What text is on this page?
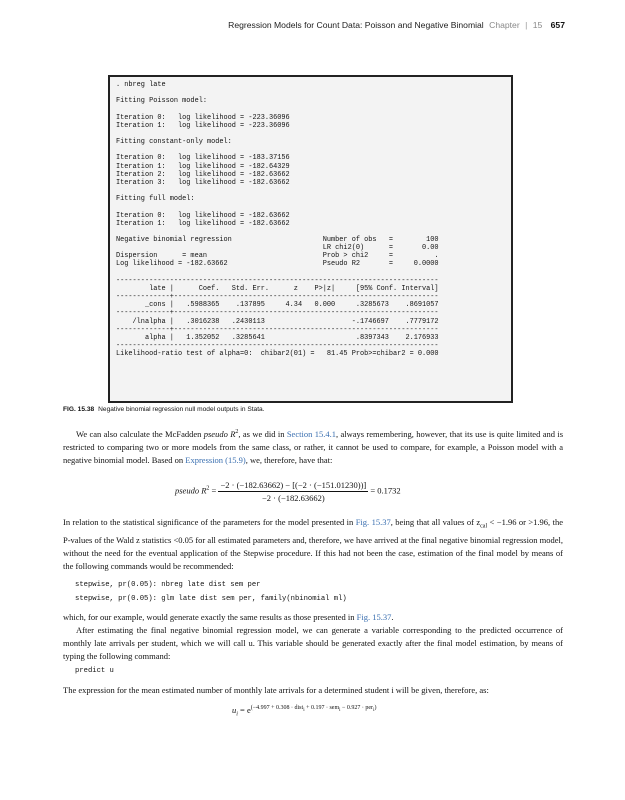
Regression Models for Count Data: Poisson and Negative Binomial Chapter | 15 657
. nbreg late

Fitting Poisson model:

Iteration 0:   log likelihood = -223.36096
Iteration 1:   log likelihood = -223.36096

Fitting constant-only model:

Iteration 0:   log likelihood = -183.37156
Iteration 1:   log likelihood = -182.64329
Iteration 2:   log likelihood = -182.63662
Iteration 3:   log likelihood = -182.63662

Fitting full model:

Iteration 0:   log likelihood = -182.63662
Iteration 1:   log likelihood = -182.63662

Negative binomial regression                      Number of obs   =        100
LR chi2(0)      =       0.00
Dispersion      = mean                            Prob > chi2     =          .
Log likelihood = -182.63662                       Pseudo R2       =     0.0000

------------------------------------------------------------------------------
late |      Coef.   Std. Err.      z    P>|z|     [95% Conf. Interval]
-------------+----------------------------------------------------------------
_cons |   .5988365    .137895     4.34   0.000     .3285673    .8691057
-------------+----------------------------------------------------------------
/lnalpha |   .3016238   .2430113                     -.1746697    .7779172
-------------+----------------------------------------------------------------
alpha |   1.352052   .3285641                      .8397343    2.176933
------------------------------------------------------------------------------
Likelihood-ratio test of alpha=0:  chibar2(01) =   81.45 Prob>=chibar2 = 0.000
FIG. 15.38 Negative binomial regression null model outputs in Stata.
We can also calculate the McFadden pseudo $R^2$, as we did in Section 15.4.1, always remembering, however, that its use is quite limited and is restricted to comparing two or more models from the same class, or rather, it cannot be used to compare, for example, a Poisson model with a negative binomial model. Based on Expression (15.9), we, therefore, have that:
pseudo $R^2 = \frac{-2 \cdot (-182.63662) - [(-2 \cdot (-151.01230))]}{-2 \cdot (-182.63662)} = 0.1732$
In relation to the statistical significance of the parameters for the model presented in Fig. 15.37, being that all values of $z_{cal} < -1.96$ or >1.96, the P-values of the Wald z statistics <0.05 for all estimated parameters and, therefore, we have arrived at the final negative binomial regression model, without the need for the eventual application of the Stepwise procedure. If this had not been the case, estimation of the final model by means of the following commands would be recommended:
stepwise, pr(0.05): nbreg late dist sem per
stepwise, pr(0.05): glm late dist sem per, family(nbinomial ml)
which, for our example, would generate exactly the same results as those presented in Fig. 15.37.
After estimating the final negative binomial regression model, we can generate a variable corresponding to the predicted occurrence of monthly late arrivals per student, which we will call u. This variable should be generated exactly after the final model estimation, by means of typing the following command:
predict u
The expression for the mean estimated number of monthly late arrivals for a determined student i will be given, therefore, as:
$u_i = e^{(-4.997 + 0.308 \cdot dist_i + 0.197 \cdot sem_i - 0.927 \cdot per_i)}$
